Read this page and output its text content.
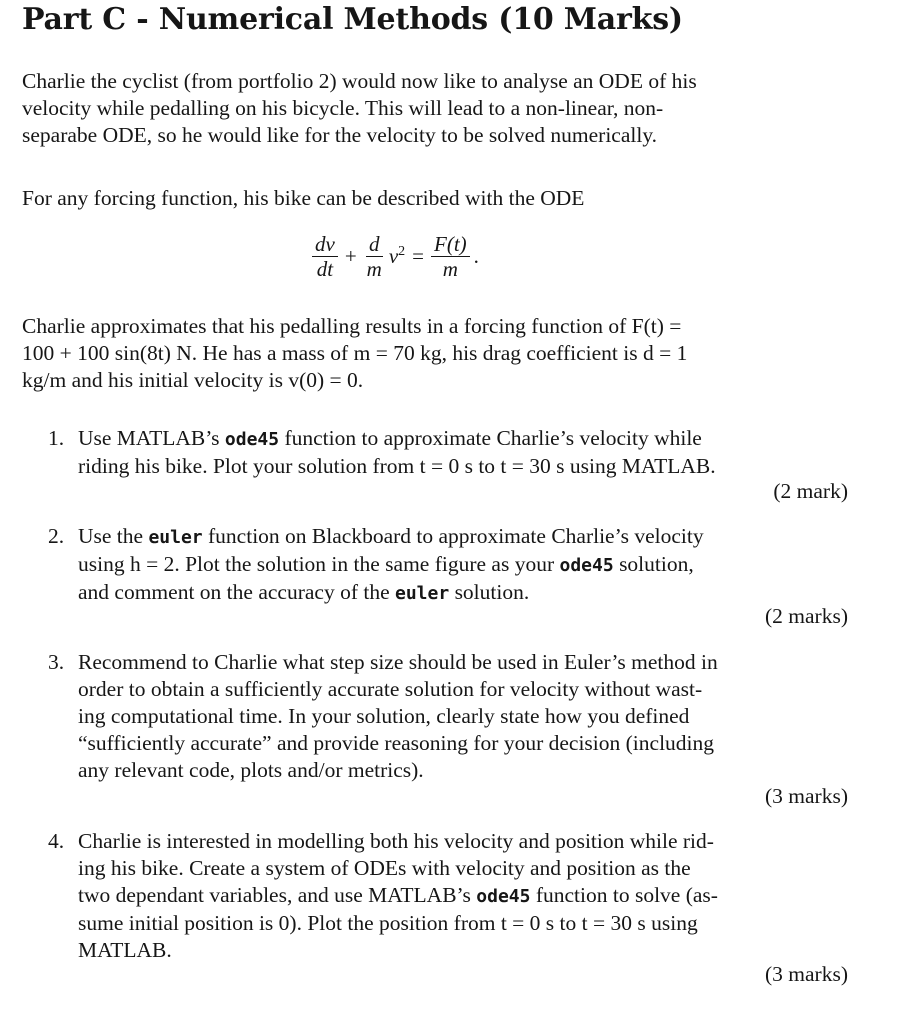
Part C - Numerical Methods (10 Marks)
Charlie the cyclist (from portfolio 2) would now like to analyse an ODE of his
velocity while pedalling on his bicycle. This will lead to a non-linear, non-
separabe ODE, so he would like for the velocity to be solved numerically.
For any forcing function, his bike can be described with the ODE
$\frac{dv}{dt} + \frac{d}{m} v^2 = \frac{F(t)}{m}$ .
Charlie approximates that his pedalling results in a forcing function of F(t) =
100 + 100 sin(8t) N. He has a mass of m = 70 kg, his drag coefficient is d = 1
kg/m and his initial velocity is v(0) = 0.
1. Use MATLAB’s ode45 function to approximate Charlie’s velocity while
riding his bike. Plot your solution from t = 0 s to t = 30 s using MATLAB.
(2 mark)
2. Use the euler function on Blackboard to approximate Charlie’s velocity
using h = 2. Plot the solution in the same figure as your ode45 solution,
and comment on the accuracy of the euler solution.
(2 marks)
3. Recommend to Charlie what step size should be used in Euler’s method in
order to obtain a sufficiently accurate solution for velocity without wast-
ing computational time. In your solution, clearly state how you defined
“sufficiently accurate” and provide reasoning for your decision (including
any relevant code, plots and/or metrics).
(3 marks)
4. Charlie is interested in modelling both his velocity and position while rid-
ing his bike. Create a system of ODEs with velocity and position as the
two dependant variables, and use MATLAB’s ode45 function to solve (as-
sume initial position is 0). Plot the position from t = 0 s to t = 30 s using
MATLAB.
(3 marks)
